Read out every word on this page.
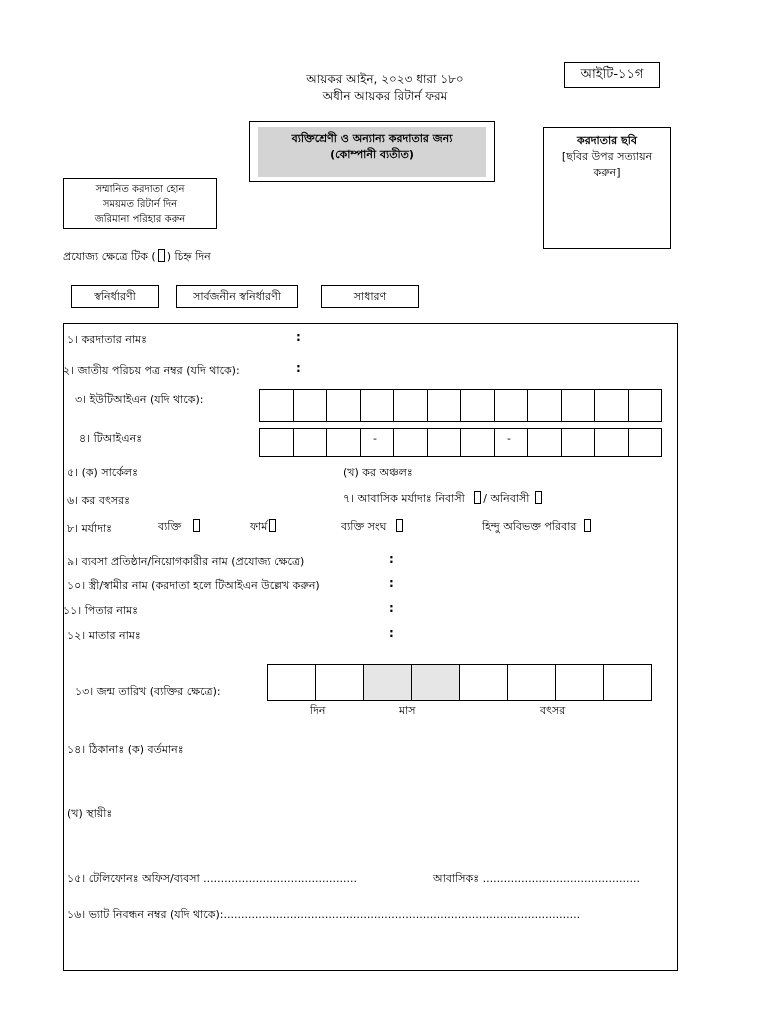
আয়কর আইন, ২০২৩ ধারা ১৮০
অধীন আয়কর রিটার্ন ফরম
আইটি-১১গ
ব্যক্তিশ্রেণী ও অন্যান্য করদাতার জন্য
(কোম্পানী ব্যতীত)
করদাতার ছবি
[ছবির উপর সত্যায়ন
করুন]
সম্মানিত করদাতা হোন
সময়মত রিটার্ন দিন
জরিমানা পরিহার করুন
প্রযোজ্য ক্ষেত্রে টিক ( ) চিহ্ন দিন
স্বনির্ধারণী	সার্বজনীন স্বনির্ধারণী	সাধারণ
১। করদাতার নামঃ	:
২। জাতীয় পরিচয় পত্র নম্বর (যদি থাকে):	:
৩। ইউটিআইএন (যদি থাকে):
৪। টিআইএনঃ	-	-
৫। (ক) সার্কেলঃ	(খ) কর অঞ্চলঃ
৬। কর বৎসরঃ	৭। আবাসিক মর্যাদাঃ নিবাসী / অনিবাসী
৮। মর্যাদাঃ	ব্যক্তি	ফার্ম	ব্যক্তি সংঘ	হিন্দু অবিভক্ত পরিবার
৯। ব্যবসা প্রতিষ্ঠান/নিয়োগকারীর নাম (প্রযোজ্য ক্ষেত্রে)	:
১০। স্ত্রী/স্বামীর নাম (করদাতা হলে টিআইএন উল্লেখ করুন)	:
১১। পিতার নামঃ	:
১২। মাতার নামঃ	:
১৩। জন্ম তারিখ (ব্যক্তির ক্ষেত্রে):
দিন	মাস	বৎসর
১৪। ঠিকানাঃ (ক) বর্তমানঃ
(খ) স্থায়ীঃ
১৫। টেলিফোনঃ অফিস/ব্যবসা ............................................	আবাসিকঃ .............................................
১৬। ভ্যাট নিবন্ধন নম্বর (যদি থাকে):......................................................................................................
